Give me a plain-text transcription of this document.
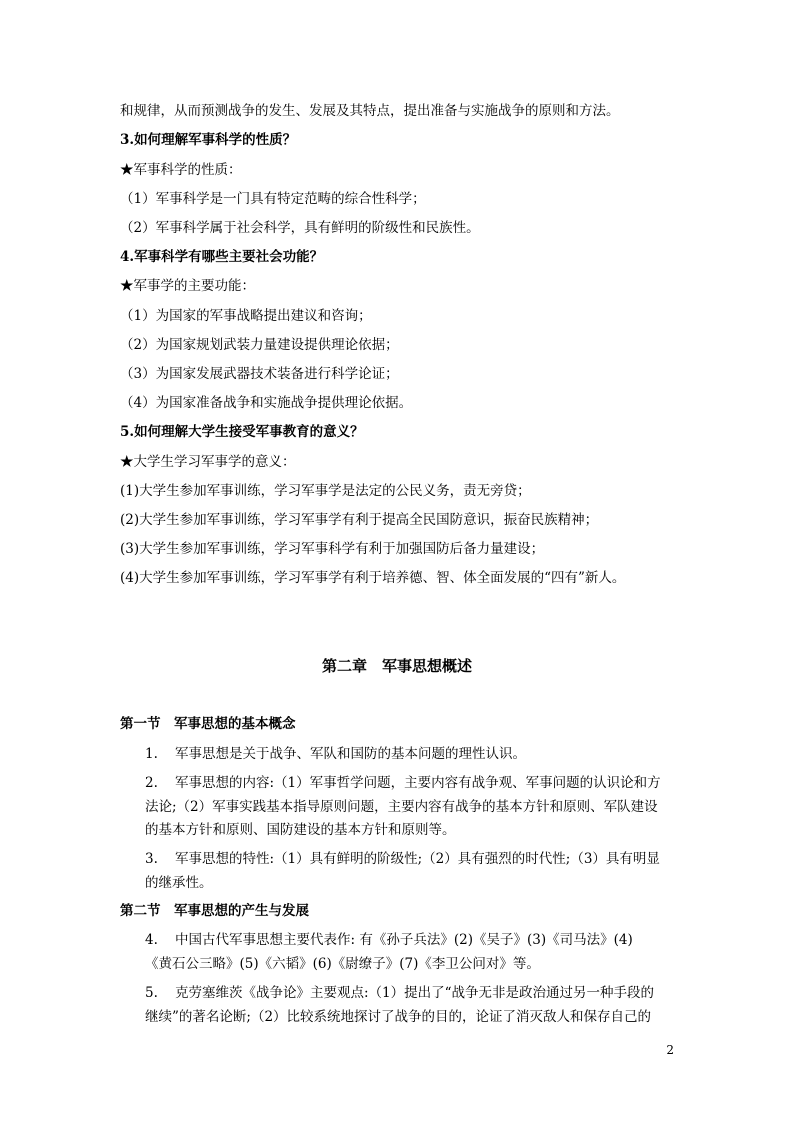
和规律，从而预测战争的发生、发展及其特点，提出准备与实施战争的原则和方法。
3.如何理解军事科学的性质？
★军事科学的性质：
（1）军事科学是一门具有特定范畴的综合性科学；
（2）军事科学属于社会科学，具有鲜明的阶级性和民族性。
4.军事科学有哪些主要社会功能？
★军事学的主要功能：
（1）为国家的军事战略提出建议和咨询；
（2）为国家规划武装力量建设提供理论依据；
（3）为国家发展武器技术装备进行科学论证；
（4）为国家准备战争和实施战争提供理论依据。
5.如何理解大学生接受军事教育的意义？
★大学生学习军事学的意义：
(1)大学生参加军事训练，学习军事学是法定的公民义务，责无旁贷；
(2)大学生参加军事训练，学习军事学有利于提高全民国防意识，振奋民族精神；
(3)大学生参加军事训练，学习军事科学有利于加强国防后备力量建设；
(4)大学生参加军事训练，学习军事学有利于培养德、智、体全面发展的“四有”新人。
第二章　军事思想概述
第一节　军事思想的基本概念
1. 军事思想是关于战争、军队和国防的基本问题的理性认识。
2. 军事思想的内容:（1）军事哲学问题，主要内容有战争观、军事问题的认识论和方
法论;（2）军事实践基本指导原则问题，主要内容有战争的基本方针和原则、军队建设
的基本方针和原则、国防建设的基本方针和原则等。
3. 军事思想的特性:（1）具有鲜明的阶级性;（2）具有强烈的时代性;（3）具有明显
的继承性。
第二节　军事思想的产生与发展
4. 中国古代军事思想主要代表作: 有《孙子兵法》(2)《吴子》(3)《司马法》(4)
《黄石公三略》(5)《六韬》(6)《尉缭子》(7)《李卫公问对》等。
5. 克劳塞维茨《战争论》主要观点:（1）提出了“战争无非是政治通过另一种手段的
继续”的著名论断;（2）比较系统地探讨了战争的目的，论证了消灭敌人和保存自己的
2
